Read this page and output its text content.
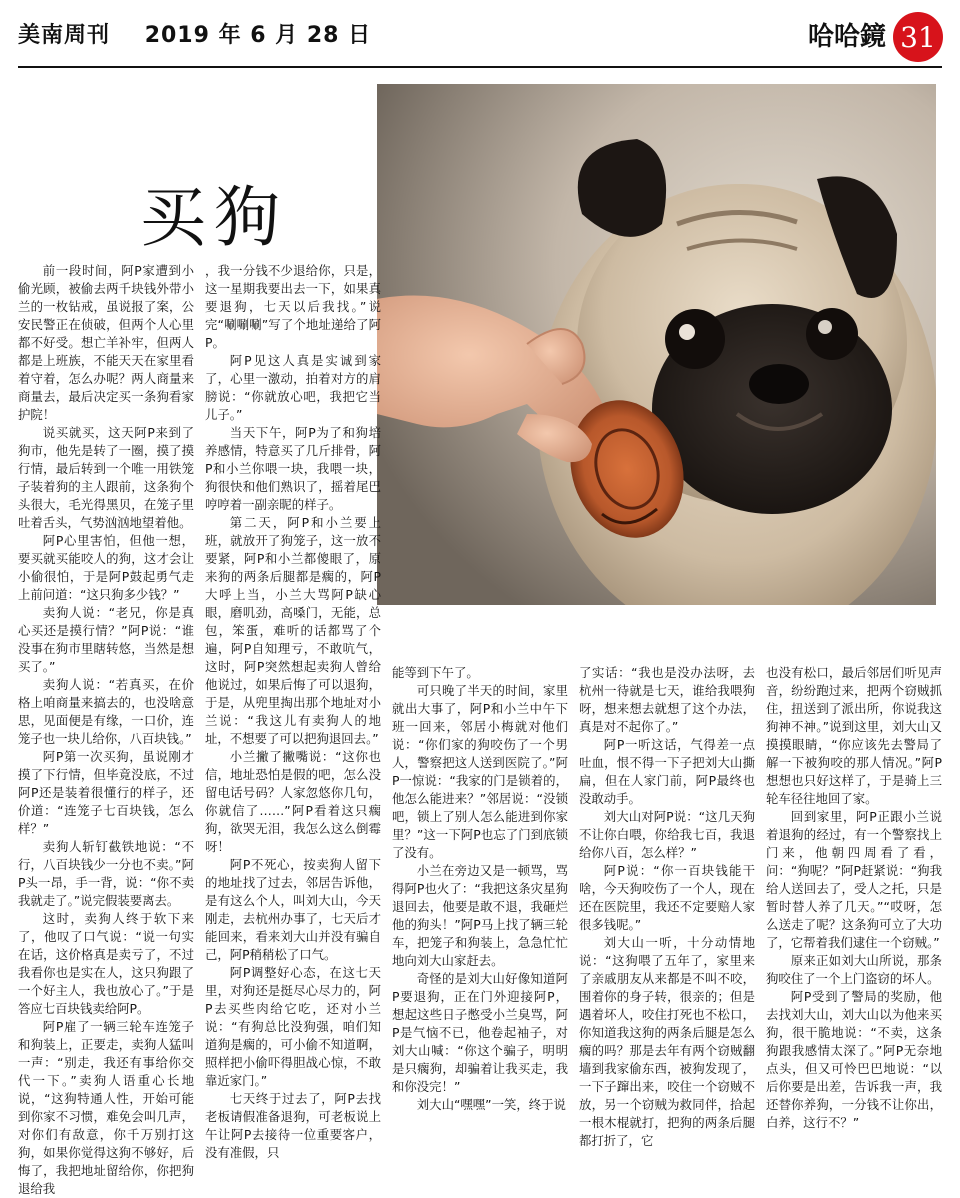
美南周刊 2019 年 6 月 28 日	哈哈鏡 31
买狗

前一段时间，阿P家遭到小偷光顾，被偷去两千块钱外带小兰的一枚钻戒，虽说报了案，公安民警正在侦破，但两个人心里都不好受。想亡羊补牢，但两人都是上班族，不能天天在家里看着守着，怎么办呢？两人商量来商量去，最后决定买一条狗看家护院！

说买就买，这天阿P来到了狗市，他先是转了一圈，摸了摸行情，最后转到一个唯一用铁笼子装着狗的主人跟前，这条狗个头很大，毛光得黑贝，在笼子里吐着舌头，气势汹汹地望着他。

阿P心里害怕，但他一想，要买就买能咬人的狗，这才会让小偷很怕，于是阿P鼓起勇气走上前问道：“这只狗多少钱？”

卖狗人说：“老兄，你是真心买还是摸行情？”阿P说：“谁没事在狗市里瞎转悠，当然是想买了。”

卖狗人说：“若真买，在价格上咱商量来搞去的，也没啥意思，见面便是有缘，一口价，连笼子也一块儿给你，八百块钱。”

阿P第一次买狗，虽说刚才摸了下行情，但毕竟没底，不过阿P还是装着很懂行的样子，还价道：“连笼子七百块钱，怎么样？”

卖狗人斩钉截铁地说：“不行，八百块钱少一分也不卖。”阿P头一昂，手一背，说：“你不卖我就走了。”说完假装要离去。

这时，卖狗人终于软下来了，他叹了口气说：“说一句实在话，这价格真是卖亏了，不过我看你也是实在人，这只狗跟了一个好主人，我也放心了。”于是答应七百块钱卖给阿P。

阿P雇了一辆三轮车连笼子和狗装上，正要走，卖狗人猛叫一声：“别走，我还有事给你交代一下。”卖狗人语重心长地说，“这狗特通人性，开始可能到你家不习惯，难免会叫几声，对你们有敌意，你千万别打这狗，如果你觉得这狗不够好，后悔了，我把地址留给你，你把狗退给我

，我一分钱不少退给你，只是，这一星期我要出去一下，如果真要退狗，七天以后我找。”说完“唰唰唰”写了个地址递给了阿P。

阿P见这人真是实诚到家了，心里一激动，拍着对方的肩膀说：“你就放心吧，我把它当儿子。”

当天下午，阿P为了和狗培养感情，特意买了几斤排骨，阿P和小兰你喂一块，我喂一块，狗很快和他们熟识了，摇着尾巴哼哼着一副亲昵的样子。

第二天，阿P和小兰要上班，就放开了狗笼子，这一放不要紧，阿P和小兰都傻眼了，原来狗的两条后腿都是瘸的，阿P大呼上当，小兰大骂阿P缺心眼，磨叽劲，高嗓门，无能，总包，笨蛋，难听的话都骂了个遍，阿P自知理亏，不敢吭气，这时，阿P突然想起卖狗人曾给他说过，如果后悔了可以退狗，于是，从兜里掏出那个地址对小兰说：“我这儿有卖狗人的地址，不想要了可以把狗退回去。”

小兰撇了撇嘴说：“这你也信，地址恐怕是假的吧，怎么没留电话号码？人家忽悠你几句，你就信了……”阿P看着这只瘸狗，欲哭无泪，我怎么这么倒霉呀！

阿P不死心，按卖狗人留下的地址找了过去，邻居告诉他，是有这么个人，叫刘大山，今天刚走，去杭州办事了，七天后才能回来，看来刘大山并没有骗自己，阿P稍稍松了口气。

阿P调整好心态，在这七天里，对狗还是挺尽心尽力的，阿P去买些肉给它吃，还对小兰说：“有狗总比没狗强，咱们知道狗是瘸的，可小偷不知道啊，照样把小偷吓得胆战心惊，不敢靠近家门。”

七天终于过去了，阿P去找老板请假准备退狗，可老板说上午让阿P去接待一位重要客户，没有准假，只

能等到下午了。

可只晚了半天的时间，家里就出大事了，阿P和小兰中午下班一回来，邻居小梅就对他们说：“你们家的狗咬伤了一个男人，警察把这人送到医院了。”阿P一惊说：“我家的门是锁着的，他怎么能进来？”邻居说：“没锁吧，锁上了别人怎么能进到你家里？”这一下阿P也忘了门到底锁了没有。

小兰在旁边又是一顿骂，骂得阿P也火了：“我把这条灾星狗退回去，他要是敢不退，我砸烂他的狗头！”阿P马上找了辆三轮车，把笼子和狗装上，急急忙忙地向刘大山家赶去。

奇怪的是刘大山好像知道阿P要退狗，正在门外迎接阿P，想起这些日子憋受小兰臭骂，阿P是气恼不已，他卷起袖子，对刘大山喊：“你这个骗子，明明是只瘸狗，却骗着让我买走，我和你没完！”

刘大山“嘿嘿”一笑，终于说

了实话：“我也是没办法呀，去杭州一待就是七天，谁给我喂狗呀，想来想去就想了这个办法，真是对不起你了。”

阿P一听这话，气得差一点吐血，恨不得一下子把刘大山撕扁，但在人家门前，阿P最终也没敢动手。

刘大山对阿P说：“这几天狗不让你白喂，你给我七百，我退给你八百，怎么样？”

阿P说：“你一百块钱能干啥，今天狗咬伤了一个人，现在还在医院里，我还不定要赔人家很多钱呢。”

刘大山一听，十分动情地说：“这狗喂了五年了，家里来了亲戚朋友从来都是不叫不咬，围着你的身子转，很亲的；但是遇着坏人，咬住打死也不松口，你知道我这狗的两条后腿是怎么瘸的吗？那是去年有两个窃贼翻墙到我家偷东西，被狗发现了，一下子蹿出来，咬住一个窃贼不放，另一个窃贼为救同伴，拾起一根木棍就打，把狗的两条后腿都打折了，它

也没有松口，最后邻居们听见声音，纷纷跑过来，把两个窃贼抓住，扭送到了派出所，你说我这狗神不神。”说到这里，刘大山又摸摸眼睛，“你应该先去警局了解一下被狗咬的那人情况。”阿P想想也只好这样了，于是骑上三轮车径往地回了家。

回到家里，阿P正跟小兰说着退狗的经过，有一个警察找上门来，他朝四周看了看，问：“狗呢？”阿P赶紧说：“狗我给人送回去了，受人之托，只是暂时替人养了几天。”“哎呀，怎么送走了呢？这条狗可立了大功了，它帮着我们逮住一个窃贼。”

原来正如刘大山所说，那条狗咬住了一个上门盗窃的坏人。

阿P受到了警局的奖励，他去找刘大山，刘大山以为他来买狗，很干脆地说：“不卖，这条狗跟我感情太深了。”阿P无奈地点头，但又可怜巴巴地说：“以后你要是出差，告诉我一声，我还替你养狗，一分钱不让你出，白养，这行不？”
